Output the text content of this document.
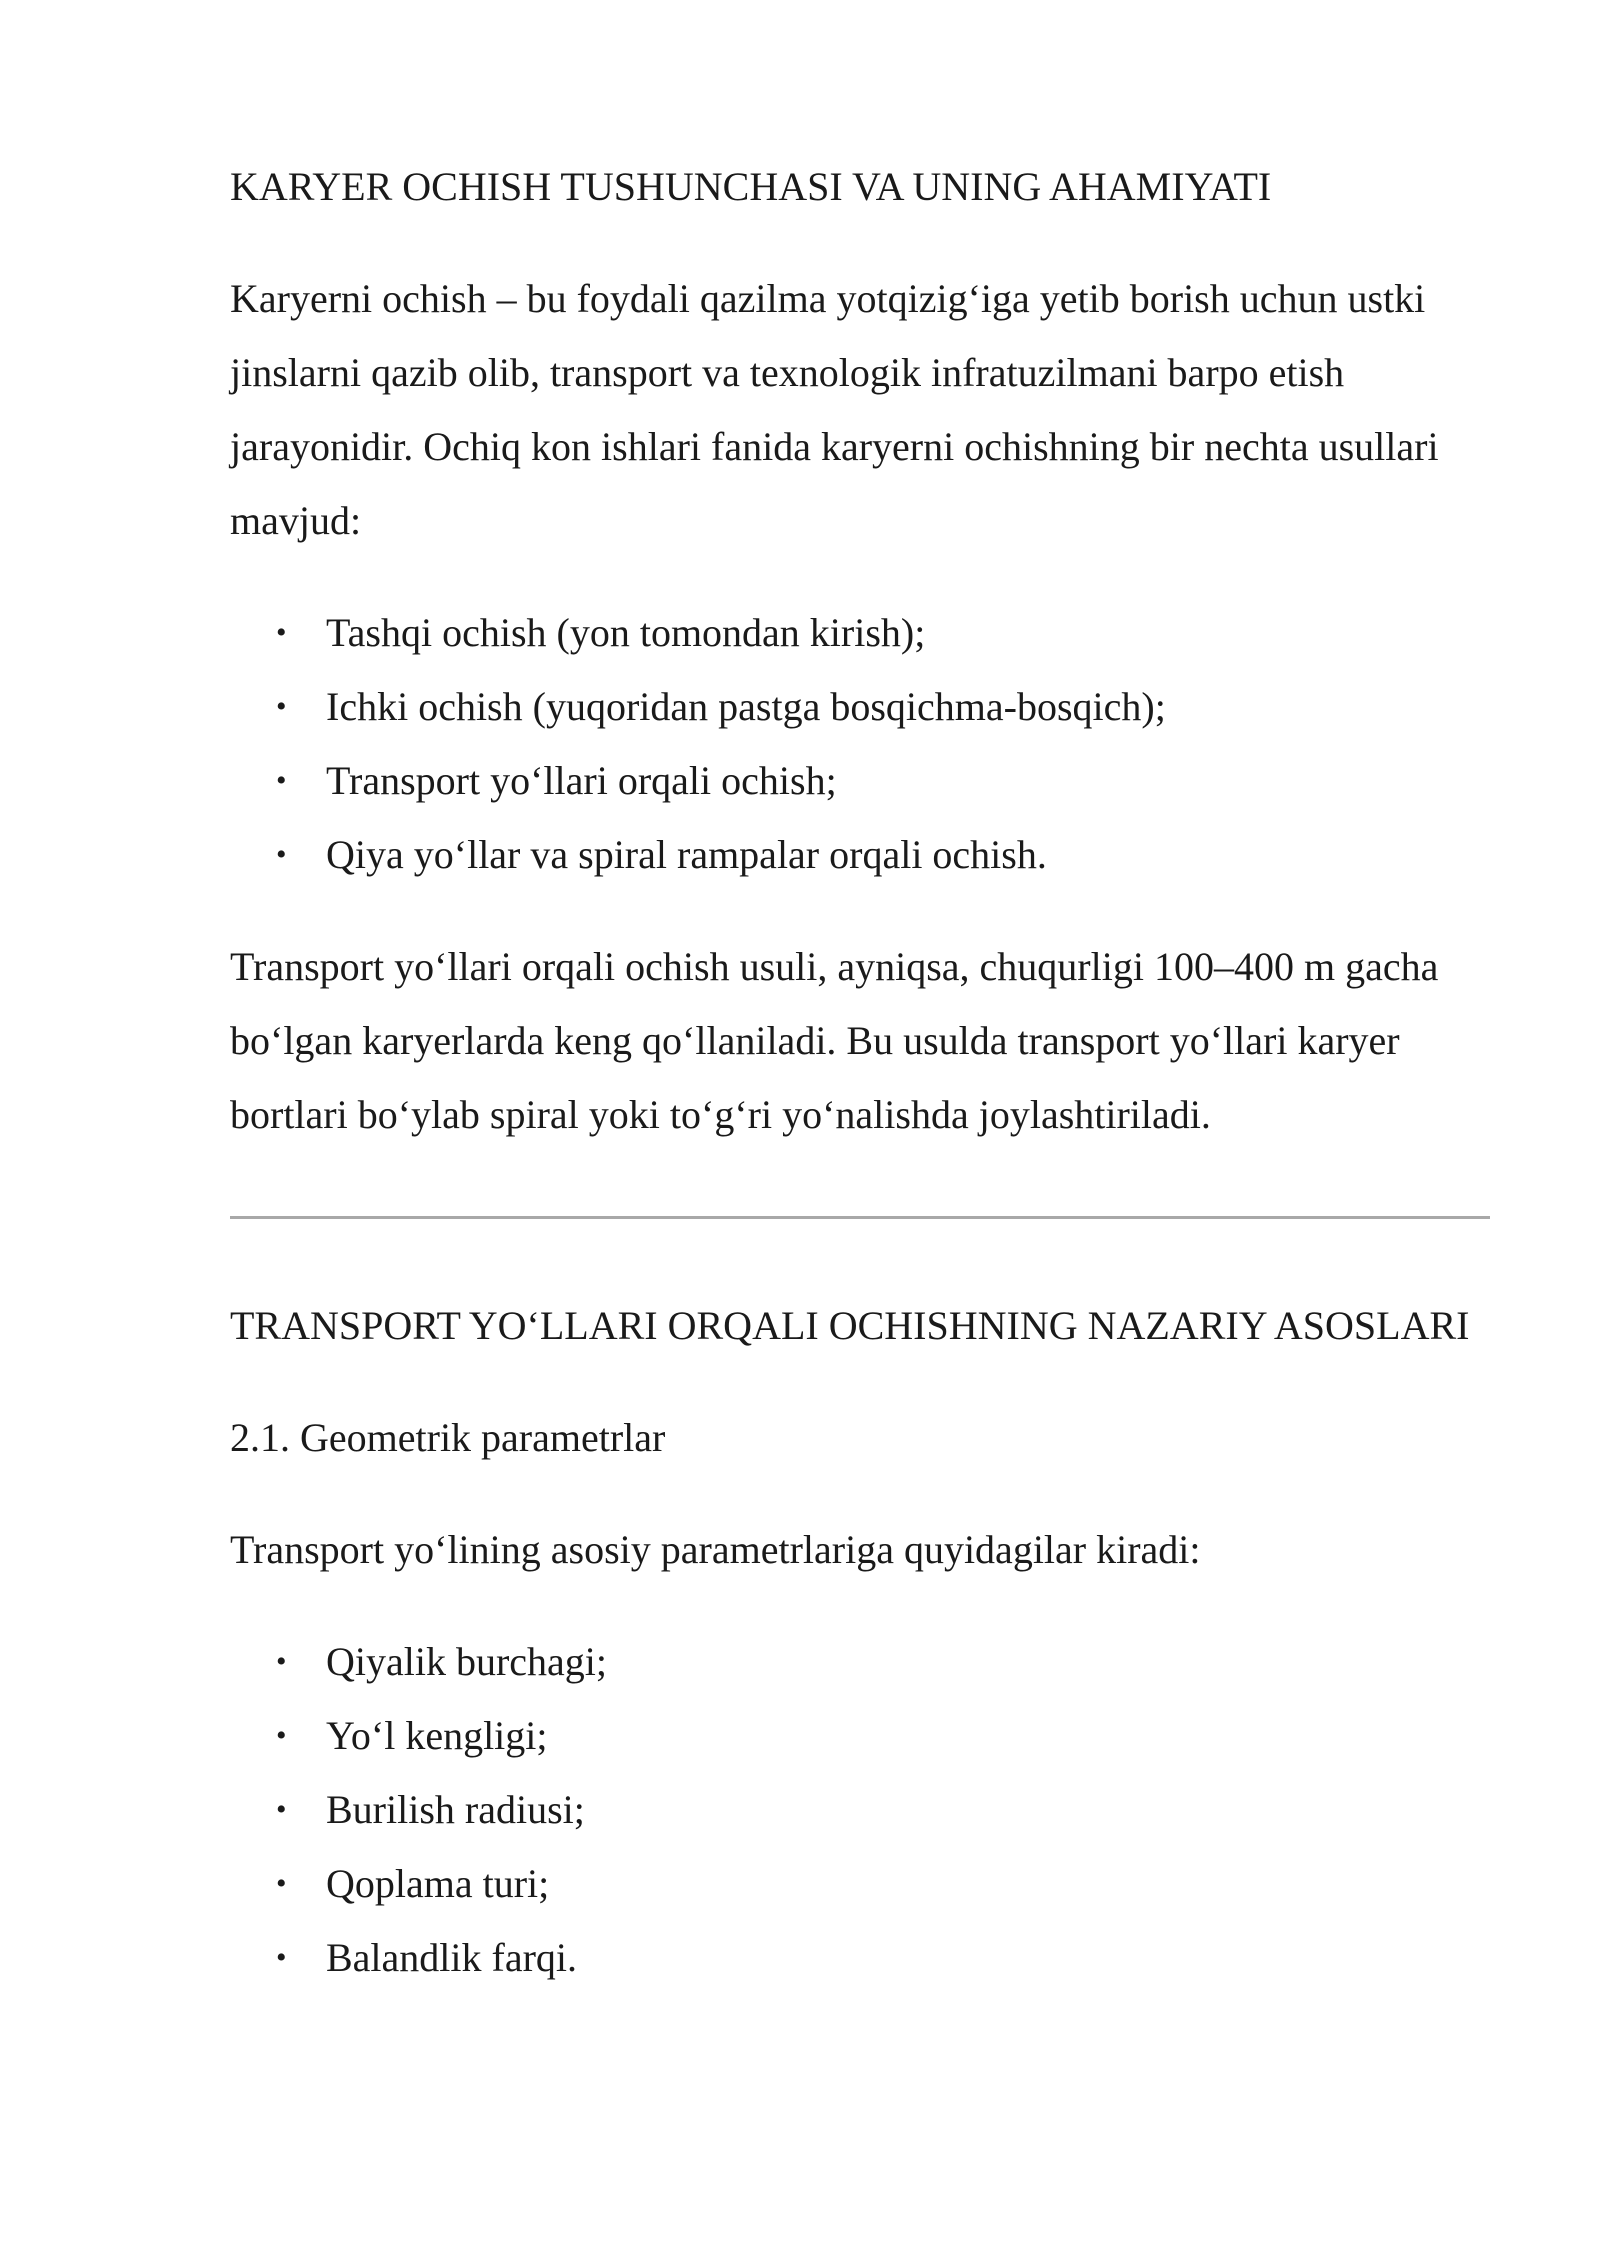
KARYER OCHISH TUSHUNCHASI VA UNING AHAMIYATI

Karyerni ochish – bu foydali qazilma yotqizig‘iga yetib borish uchun ustki jinslarni qazib olib, transport va texnologik infratuzilmani barpo etish jarayonidir. Ochiq kon ishlari fanida karyerni ochishning bir nechta usullari mavjud:

• Tashqi ochish (yon tomondan kirish);
• Ichki ochish (yuqoridan pastga bosqichma-bosqich);
• Transport yo‘llari orqali ochish;
• Qiya yo‘llar va spiral rampalar orqali ochish.

Transport yo‘llari orqali ochish usuli, ayniqsa, chuqurligi 100–400 m gacha bo‘lgan karyerlarda keng qo‘llaniladi. Bu usulda transport yo‘llari karyer bortlari bo‘ylab spiral yoki to‘g‘ri yo‘nalishda joylashtiriladi.

TRANSPORT YO‘LLARI ORQALI OCHISHNING NAZARIY ASOSLARI

2.1. Geometrik parametrlar

Transport yo‘lining asosiy parametrlariga quyidagilar kiradi:

• Qiyalik burchagi;
• Yo‘l kengligi;
• Burilish radiusi;
• Qoplama turi;
• Balandlik farqi.
